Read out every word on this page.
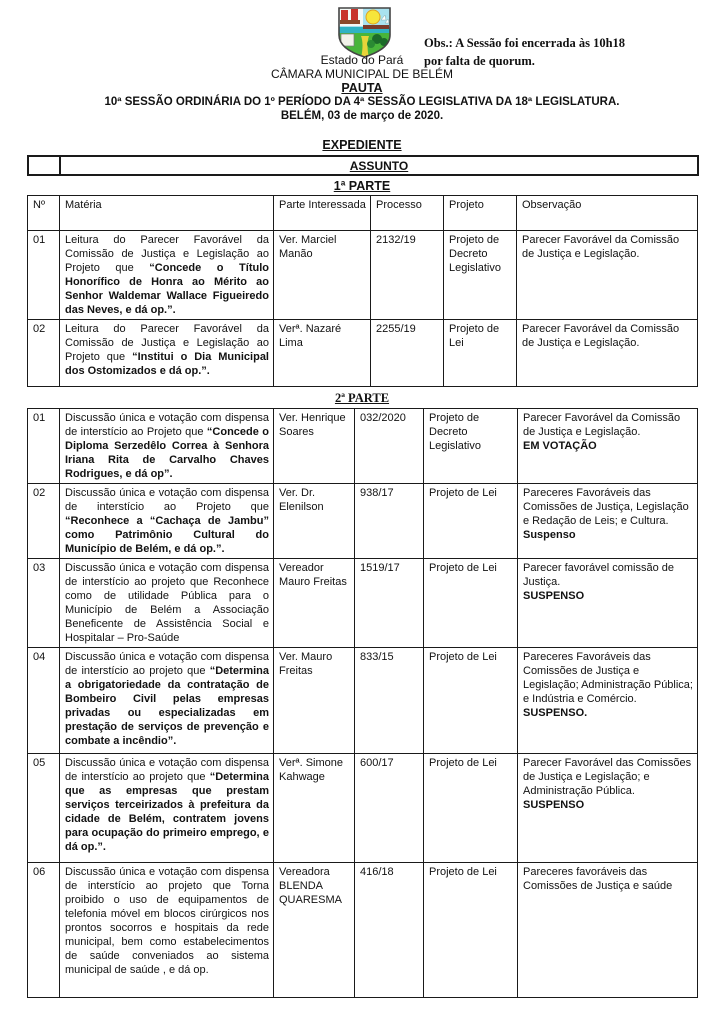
Obs.: A Sessão foi encerrada às 10h18
por falta de quorum.
Estado do Pará
CÂMARA MUNICIPAL DE BELÉM
PAUTA
10ª SESSÃO ORDINÁRIA DO 1º PERÍODO DA 4ª SESSÃO LEGISLATIVA DA 18ª LEGISLATURA.
BELÉM, 03 de março de 2020.
EXPEDIENTE
	ASSUNTO
1ª PARTE
Nº	Matéria	Parte Interessada	Processo	Projeto	Observação
01	Leitura do Parecer Favorável da Comissão de Justiça e Legislação ao Projeto que “Concede o Título Honorífico de Honra ao Mérito ao Senhor Waldemar Wallace Figueiredo das Neves, e dá op.”.	Ver. Marciel Manão	2132/19	Projeto de Decreto Legislativo	Parecer Favorável da Comissão de Justiça e Legislação.

02	Leitura do Parecer Favorável da Comissão de Justiça e Legislação ao Projeto que “Institui o Dia Municipal dos Ostomizados e dá op.”.	Verª. Nazaré Lima	2255/19	Projeto de Lei	Parecer Favorável da Comissão de Justiça e Legislação.
2ª PARTE
01	Discussão única e votação com dispensa de interstício ao Projeto que “Concede o Diploma Serzedêlo Correa à Senhora Iriana Rita de Carvalho Chaves Rodrigues, e dá op”.	Ver. Henrique Soares	032/2020	Projeto de Decreto Legislativo	Parecer Favorável da Comissão de Justiça e Legislação.
EM VOTAÇÃO

02	Discussão única e votação com dispensa de interstício ao Projeto que “Reconhece a “Cachaça de Jambu” como Patrimônio Cultural do Município de Belém, e dá op.”.	Ver. Dr. Elenilson	938/17	Projeto de Lei	Pareceres Favoráveis das Comissões de Justiça, Legislação e Redação de Leis; e Cultura.
Suspenso

03	Discussão única e votação com dispensa de interstício ao projeto que Reconhece como de utilidade Pública para o Município de Belém a Associação Beneficente de Assistência Social e Hospitalar – Pro-Saúde	Vereador Mauro Freitas	1519/17	Projeto de Lei	Parecer favorável comissão de Justiça.
SUSPENSO

04	Discussão única e votação com dispensa de interstício ao projeto que “Determina a obrigatoriedade da contratação de Bombeiro Civil pelas empresas privadas ou especializadas em prestação de serviços de prevenção e combate a incêndio”.	Ver. Mauro Freitas	833/15	Projeto de Lei	Pareceres Favoráveis das Comissões de Justiça e Legislação; Administração Pública; e Indústria e Comércio.
SUSPENSO.

05	Discussão única e votação com dispensa de interstício ao projeto que “Determina que as empresas que prestam serviços terceirizados à prefeitura da cidade de Belém, contratem jovens para ocupação do primeiro emprego, e dá op.”.	Verª. Simone Kahwage	600/17	Projeto de Lei	Parecer Favorável das Comissões de Justiça e Legislação; e Administração Pública.
SUSPENSO

06	Discussão única e votação com dispensa de interstício ao projeto que Torna proibido o uso de equipamentos de telefonia móvel em blocos cirúrgicos nos prontos socorros e hospitais da rede municipal, bem como estabelecimentos de saúde conveniados ao sistema municipal de saúde , e dá op.	Vereadora BLENDA QUARESMA	416/18	Projeto de Lei	Pareceres favoráveis das Comissões de Justiça e saúde
